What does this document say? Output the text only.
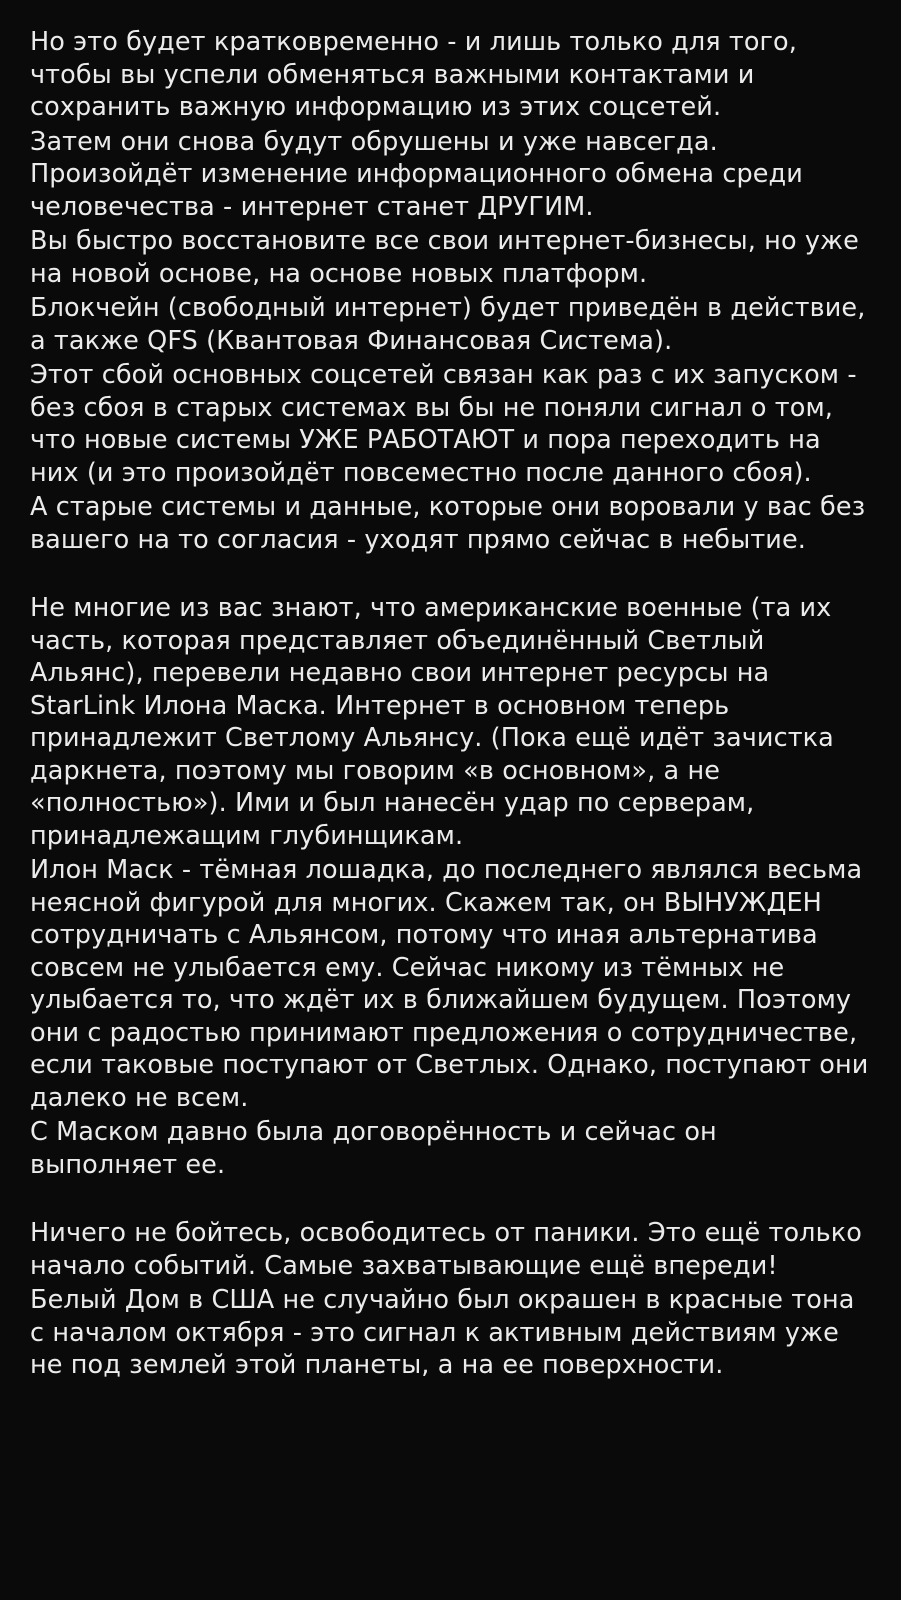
Но это будет кратковременно - и лишь только для того, чтобы вы успели обменяться важными контактами и сохранить важную информацию из этих соцсетей.

Затем они снова будут обрушены и уже навсегда. Произойдёт изменение информационного обмена среди человечества - интернет станет ДРУГИМ.

Вы быстро восстановите все свои интернет-бизнесы, но уже на новой основе, на основе новых платформ.

Блокчейн (свободный интернет) будет приведён в действие, а также QFS (Квантовая Финансовая Система).

Этот сбой основных соцсетей связан как раз с их запуском - без сбоя в старых системах вы бы не поняли сигнал о том, что новые системы УЖЕ РАБОТАЮТ и пора переходить на них (и это произойдёт повсеместно после данного сбоя).

А старые системы и данные, которые они воровали у вас без вашего на то согласия - уходят прямо сейчас в небытие.

Не многие из вас знают, что американские военные (та их часть, которая представляет объединённый Светлый Альянс), перевели недавно свои интернет ресурсы на StarLink Илона Маска. Интернет в основном теперь принадлежит Светлому Альянсу. (Пока ещё идёт зачистка даркнета, поэтому мы говорим «в основном», а не «полностью»). Ими и был нанесён удар по серверам, принадлежащим глубинщикам.

Илон Маск - тёмная лошадка, до последнего являлся весьма неясной фигурой для многих. Скажем так, он ВЫНУЖДЕН сотрудничать с Альянсом, потому что иная альтернатива совсем не улыбается ему. Сейчас никому из тёмных не улыбается то, что ждёт их в ближайшем будущем. Поэтому они с радостью принимают предложения о сотрудничестве, если таковые поступают от Светлых. Однако, поступают они далеко не всем.

С Маском давно была договорённость и сейчас он выполняет ее.

Ничего не бойтесь, освободитесь от паники. Это ещё только начало событий. Самые захватывающие ещё впереди!

Белый Дом в США не случайно был окрашен в красные тона с началом октября - это сигнал к активным действиям уже не под землей этой планеты, а на ее поверхности.
